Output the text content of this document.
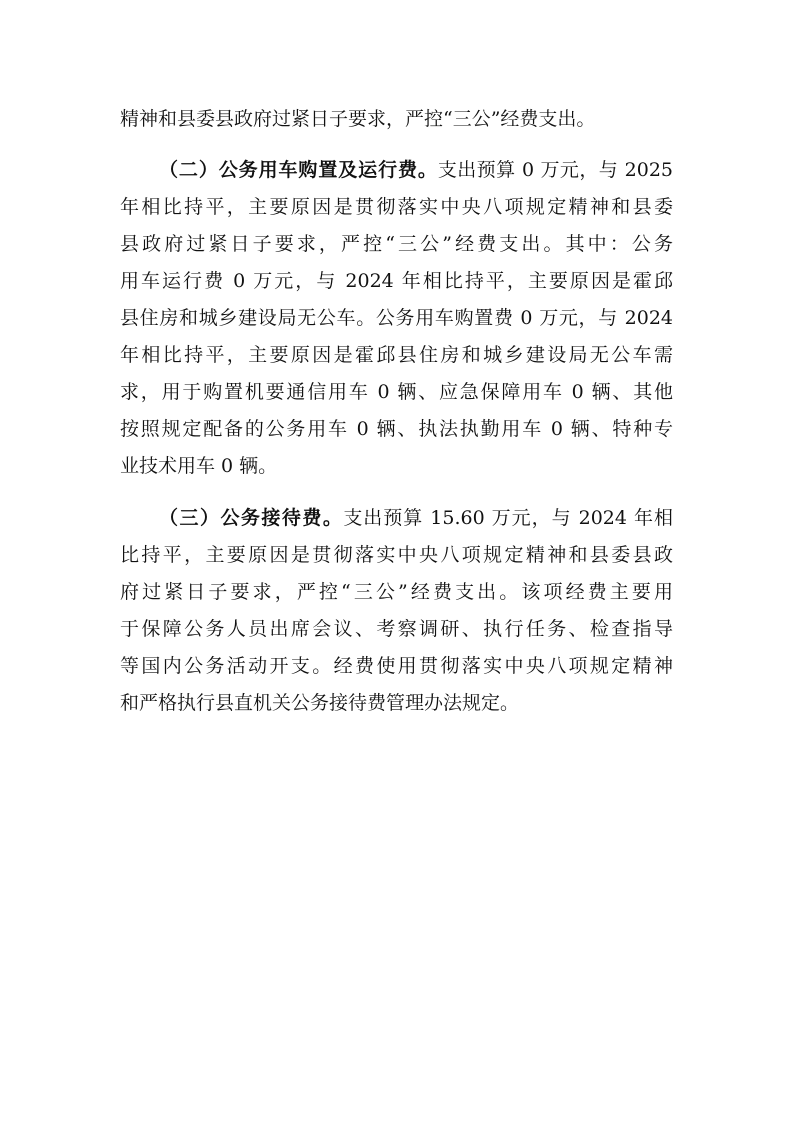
精神和县委县政府过紧日子要求，严控“三公”经费支出。
（二）公务用车购置及运行费。支出预算 0 万元，与 2025
年相比持平，主要原因是贯彻落实中央八项规定精神和县委
县政府过紧日子要求，严控“三公”经费支出。其中：公务
用车运行费 0 万元，与 2024 年相比持平，主要原因是霍邱
县住房和城乡建设局无公车。公务用车购置费 0 万元，与 2024
年相比持平，主要原因是霍邱县住房和城乡建设局无公车需
求，用于购置机要通信用车 0 辆、应急保障用车 0 辆、其他
按照规定配备的公务用车 0 辆、执法执勤用车 0 辆、特种专
业技术用车 0 辆。
（三）公务接待费。支出预算 15.60 万元，与 2024 年相
比持平，主要原因是贯彻落实中央八项规定精神和县委县政
府过紧日子要求，严控“三公”经费支出。该项经费主要用
于保障公务人员出席会议、考察调研、执行任务、检查指导
等国内公务活动开支。经费使用贯彻落实中央八项规定精神
和严格执行县直机关公务接待费管理办法规定。
